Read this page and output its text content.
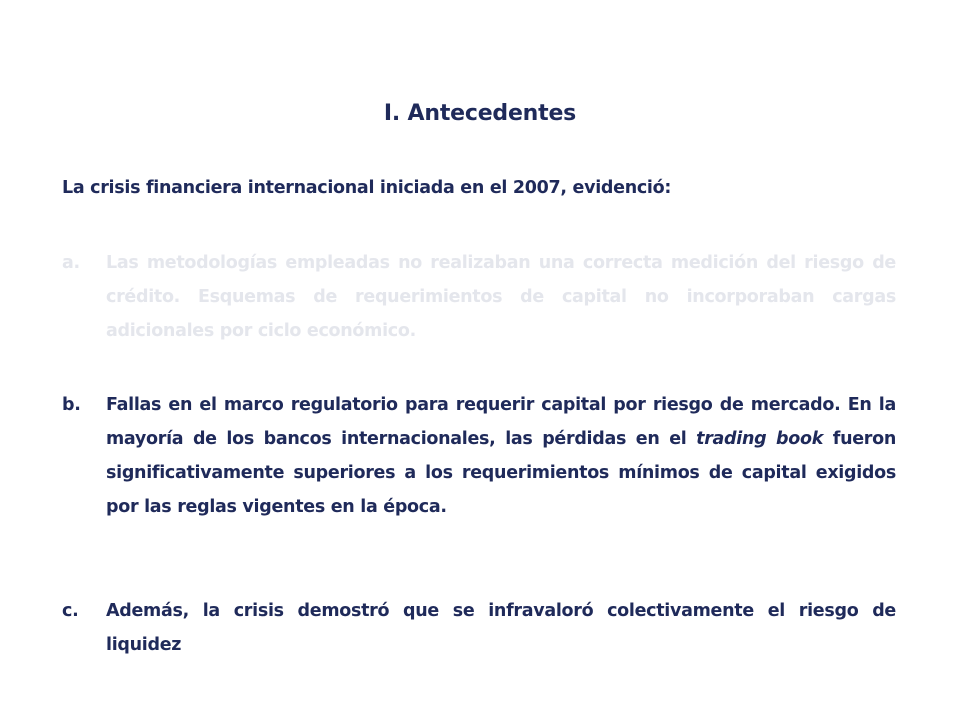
I. Antecedentes
La crisis financiera internacional iniciada en el 2007, evidenció:
a.	Las metodologías empleadas no realizaban una correcta medición del riesgo de crédito. Esquemas de requerimientos de capital no incorporaban cargas adicionales por ciclo económico.
b.	Fallas en el marco regulatorio para requerir capital por riesgo de mercado. En la mayoría de los bancos internacionales, las pérdidas en el trading book fueron significativamente superiores a los requerimientos mínimos de capital exigidos por las reglas vigentes en la época.
c.	Además, la crisis demostró que se infravaloró colectivamente el riesgo de liquidez
